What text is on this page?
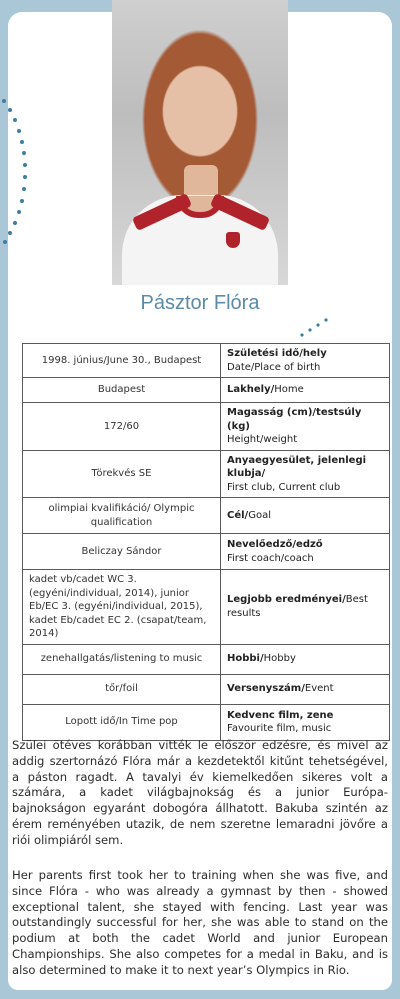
Pásztor Flóra
1998. június/June 30., Budapest	Születési idő/hely
Date/Place of birth
Budapest	Lakhely/Home
172/60	Magasság (cm)/testsúly (kg)
Height/weight
Törekvés SE	Anyaegyesület, jelenlegi klubja/
First club, Current club
olimpiai kvalifikáció/ Olympic qualification	Cél/Goal
Beliczay Sándor	Nevelőedző/edző
First coach/coach
kadet vb/cadet WC 3. (egyéni/individual, 2014), junior Eb/EC 3. (egyéni/individual, 2015), kadet Eb/cadet EC 2. (csapat/team, 2014)	Legjobb eredményei/Best results
zenehallgatás/listening to music	Hobbi/Hobby
tőr/foil	Versenyszám/Event
Lopott idő/In Time pop	Kedvenc film, zene
Favourite film, music

Szülei ötéves korábban vitték le először edzésre, és mivel az addig szertornázó Flóra már a kezdetektől kitűnt tehetségével, a páston ragadt. A tavalyi év kiemelkedően sikeres volt a számára, a kadet világbajnokság és a junior Európa-bajnokságon egyaránt dobogóra állhatott. Bakuba szintén az érem reményében utazik, de nem szeretne lemaradni jövőre a riói olimpiáról sem.

Her parents first took her to training when she was five, and since Flóra - who was already a gymnast by then - showed exceptional talent, she stayed with fencing. Last year was outstandingly successful for her, she was able to stand on the podium at both the cadet World and junior European Championships. She also competes for a medal in Baku, and is also determined to make it to next year’s Olympics in Rio.
